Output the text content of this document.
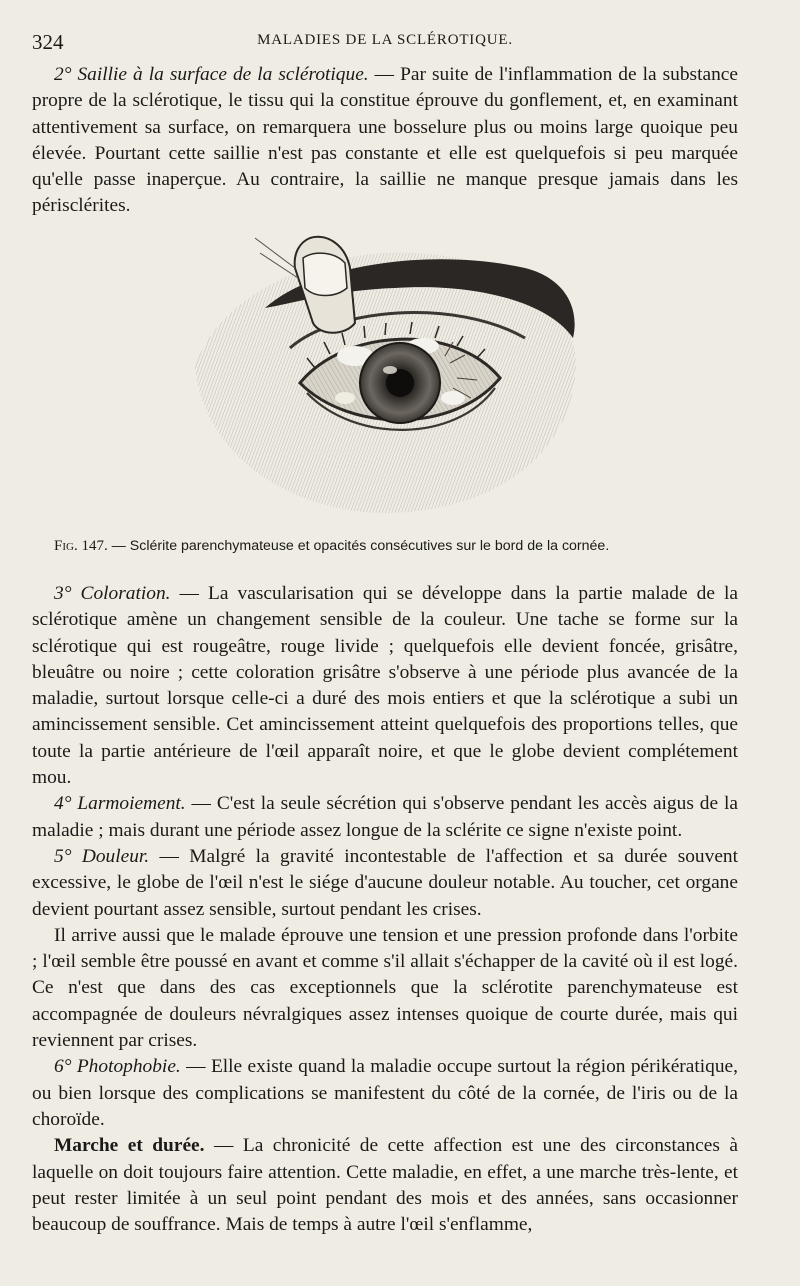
324	MALADIES DE LA SCLÉROTIQUE.

2° Saillie à la surface de la sclérotique. — Par suite de l'inflammation de la substance propre de la sclérotique, le tissu qui la constitue éprouve du gonflement, et, en examinant attentivement sa surface, on remarquera une bosselure plus ou moins large quoique peu élevée. Pourtant cette saillie n'est pas constante et elle est quelquefois si peu marquée qu'elle passe inaperçue. Au contraire, la saillie ne manque presque jamais dans les périsclérites.

Fig. 147. — Sclérite parenchymateuse et opacités consécutives sur le bord de la cornée.

3° Coloration. — La vascularisation qui se développe dans la partie malade de la sclérotique amène un changement sensible de la couleur. Une tache se forme sur la sclérotique qui est rougeâtre, rouge livide ; quelquefois elle devient foncée, grisâtre, bleuâtre ou noire ; cette coloration grisâtre s'observe à une période plus avancée de la maladie, surtout lorsque celle-ci a duré des mois entiers et que la sclérotique a subi un amincissement sensible. Cet amincissement atteint quelquefois des proportions telles, que toute la partie antérieure de l'œil apparaît noire, et que le globe devient complétement mou.

4° Larmoiement. — C'est la seule sécrétion qui s'observe pendant les accès aigus de la maladie ; mais durant une période assez longue de la sclérite ce signe n'existe point.

5° Douleur. — Malgré la gravité incontestable de l'affection et sa durée souvent excessive, le globe de l'œil n'est le siége d'aucune douleur notable. Au toucher, cet organe devient pourtant assez sensible, surtout pendant les crises.

Il arrive aussi que le malade éprouve une tension et une pression profonde dans l'orbite ; l'œil semble être poussé en avant et comme s'il allait s'échapper de la cavité où il est logé. Ce n'est que dans des cas exceptionnels que la sclérotite parenchymateuse est accompagnée de douleurs névralgiques assez intenses quoique de courte durée, mais qui reviennent par crises.

6° Photophobie. — Elle existe quand la maladie occupe surtout la région périkératique, ou bien lorsque des complications se manifestent du côté de la cornée, de l'iris ou de la choroïde.

Marche et durée. — La chronicité de cette affection est une des circonstances à laquelle on doit toujours faire attention. Cette maladie, en effet, a une marche très-lente, et peut rester limitée à un seul point pendant des mois et des années, sans occasionner beaucoup de souffrance. Mais de temps à autre l'œil s'enflamme,
